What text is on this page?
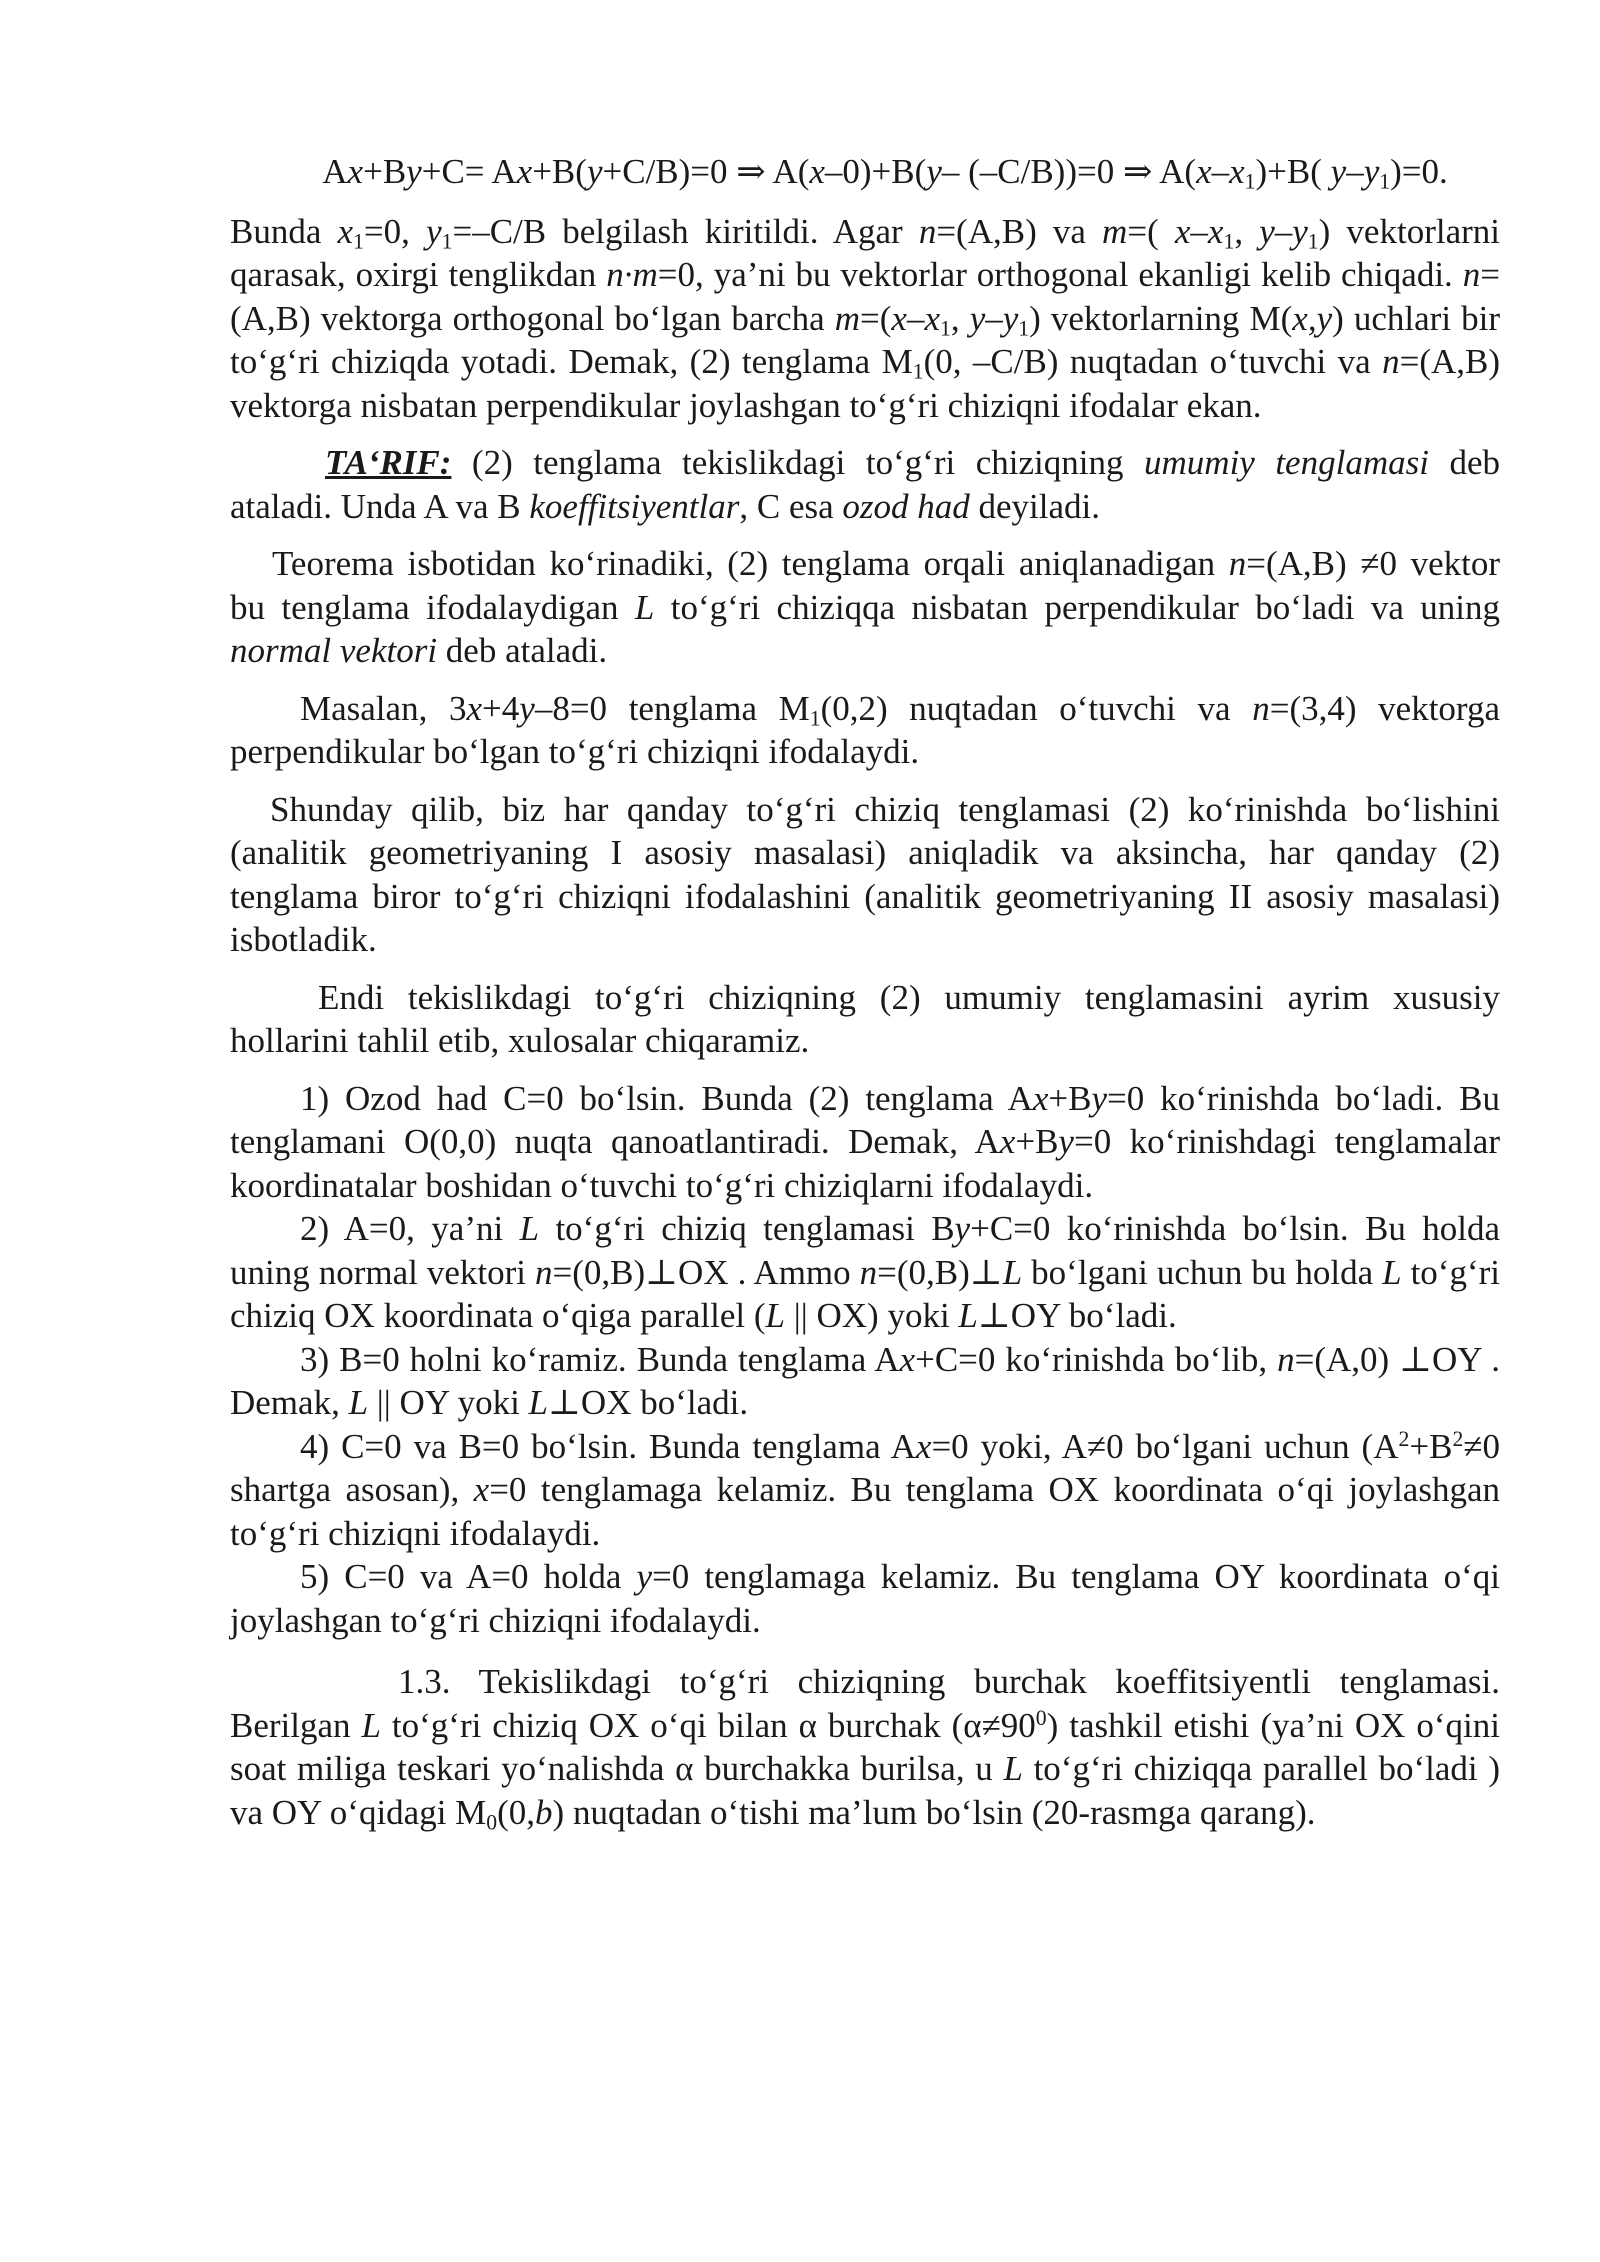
Ax+By+C= Ax+B(y+C/B)=0 ⇒ A(x–0)+B(y– (–C/B))=0 ⇒ $A(x-x_1)+B$( $y-y_1)=0$.

Bunda $x_1=0$, $y_1=-C/B$ belgilash kiritildi. Agar n=(A,B) va m=( $x-x_1$, $y-y_1$) vektorlarni qarasak, oxirgi tenglikdan n·m=0, ya’ni bu vektorlar orthogonal ekanligi kelib chiqadi. n=(A,B) vektorga orthogonal bo‘lgan barcha $m=(x-x_1$, $y-y_1$) vektorlarning M(x,y) uchlari bir to‘g‘ri chiziqda yotadi. Demak, (2) tenglama $M_1(0$, –C/B) nuqtadan o‘tuvchi va n=(A,B) vektorga nisbatan perpendikular joylashgan to‘g‘ri chiziqni ifodalar ekan.

TA‘RIF: (2) tenglama tekislikdagi to‘g‘ri chiziqning umumiy tenglamasi deb ataladi. Unda A va B koeffitsiyentlar, C esa ozod had deyiladi.

Teorema isbotidan ko‘rinadiki, (2) tenglama orqali aniqlanadigan n=(A,B) ≠0 vektor bu tenglama ifodalaydigan L to‘g‘ri chiziqqa nisbatan perpendikular bo‘ladi va uning normal vektori deb ataladi.

Masalan, 3x+4y–8=0 tenglama $M_1(0,2)$ nuqtadan o‘tuvchi va n=(3,4) vektorga perpendikular bo‘lgan to‘g‘ri chiziqni ifodalaydi.

Shunday qilib, biz har qanday to‘g‘ri chiziq tenglamasi (2) ko‘rinishda bo‘lishini (analitik geometriyaning I asosiy masalasi) aniqladik va aksincha, har qanday (2) tenglama biror to‘g‘ri chiziqni ifodalashini (analitik geometriyaning II asosiy masalasi) isbotladik.

Endi tekislikdagi to‘g‘ri chiziqning (2) umumiy tenglamasini ayrim xususiy hollarini tahlil etib, xulosalar chiqaramiz.

1) Ozod had C=0 bo‘lsin. Bunda (2) tenglama Ax+By=0 ko‘rinishda bo‘ladi. Bu tenglamani O(0,0) nuqta qanoatlantiradi. Demak, Ax+By=0 ko‘rinishdagi tenglamalar koordinatalar boshidan o‘tuvchi to‘g‘ri chiziqlarni ifodalaydi.

2) A=0, ya’ni L to‘g‘ri chiziq tenglamasi By+C=0 ko‘rinishda bo‘lsin. Bu holda uning normal vektori n=(0,B)⊥OX . Ammo n=(0,B)⊥L bo‘lgani uchun bu holda L to‘g‘ri chiziq OX koordinata o‘qiga parallel (L || OX) yoki L⊥OY bo‘ladi.

3) B=0 holni ko‘ramiz. Bunda tenglama Ax+C=0 ko‘rinishda bo‘lib, n=(A,0) ⊥OY . Demak, L || OY yoki L⊥OX bo‘ladi.

4) C=0 va B=0 bo‘lsin. Bunda tenglama Ax=0 yoki, A≠0 bo‘lgani uchun ($A^2+B^2\ne 0$ shartga asosan), x=0 tenglamaga kelamiz. Bu tenglama OX koordinata o‘qi joylashgan to‘g‘ri chiziqni ifodalaydi.

5) C=0 va A=0 holda y=0 tenglamaga kelamiz. Bu tenglama OY koordinata o‘qi joylashgan to‘g‘ri chiziqni ifodalaydi.

1.3. Tekislikdagi to‘g‘ri chiziqning burchak koeffitsiyentli tenglamasi. Berilgan L to‘g‘ri chiziq OX o‘qi bilan α burchak $(\alpha\ne 90^0)$ tashkil etishi (ya’ni OX o‘qini soat miliga teskari yo‘nalishda α burchakka burilsa, u L to‘g‘ri chiziqqa parallel bo‘ladi ) va OY o‘qidagi $M_0(0,b)$ nuqtadan o‘tishi ma’lum bo‘lsin (20-rasmga qarang).
